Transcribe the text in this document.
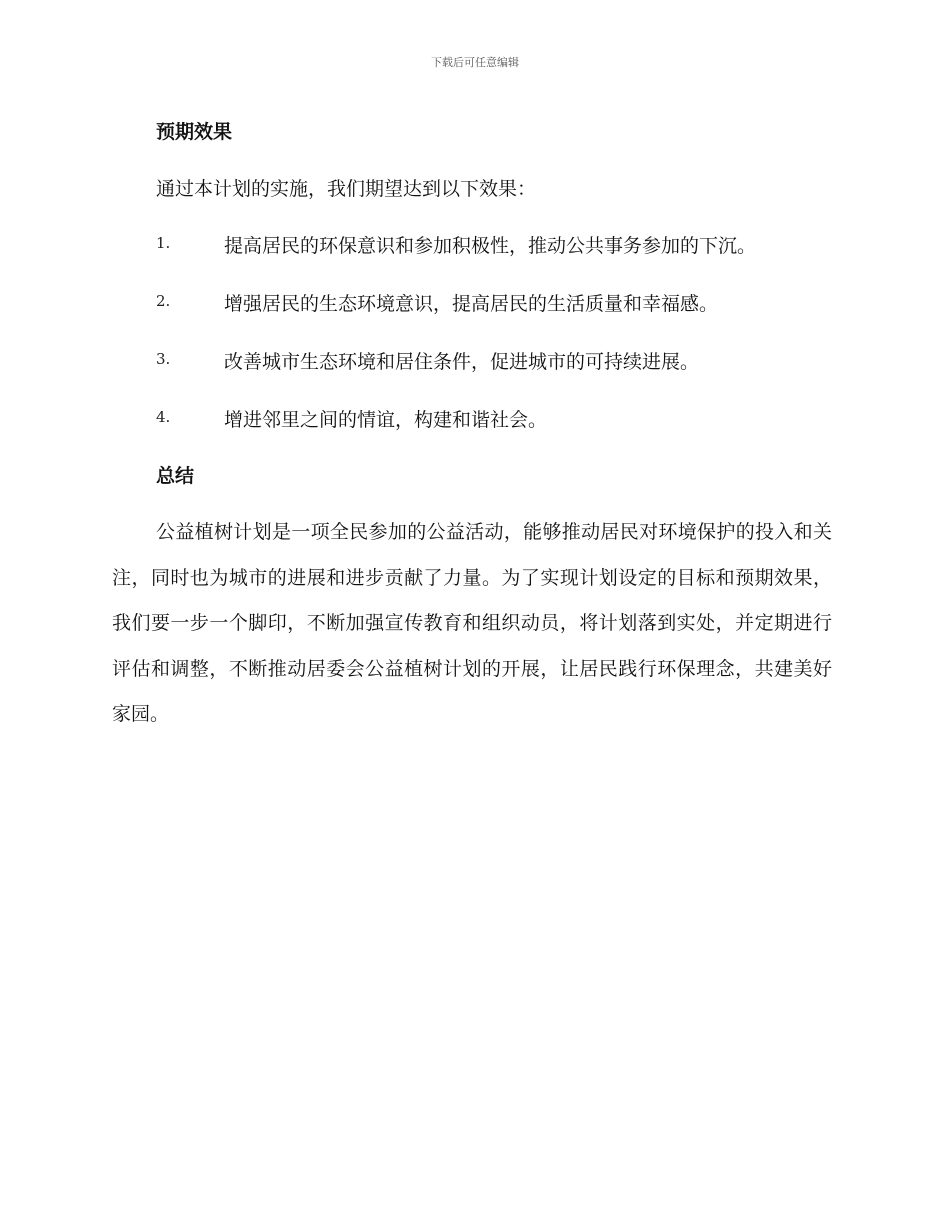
下载后可任意编辑
预期效果
通过本计划的实施，我们期望达到以下效果：
1.	提高居民的环保意识和参加积极性，推动公共事务参加的下沉。
2.	增强居民的生态环境意识，提高居民的生活质量和幸福感。
3.	改善城市生态环境和居住条件，促进城市的可持续进展。
4.	增进邻里之间的情谊，构建和谐社会。
总结

公益植树计划是一项全民参加的公益活动，能够推动居民对环境保护的投入和关注，同时也为城市的进展和进步贡献了力量。为了实现计划设定的目标和预期效果，我们要一步一个脚印，不断加强宣传教育和组织动员，将计划落到实处，并定期进行评估和调整，不断推动居委会公益植树计划的开展，让居民践行环保理念，共建美好家园。
